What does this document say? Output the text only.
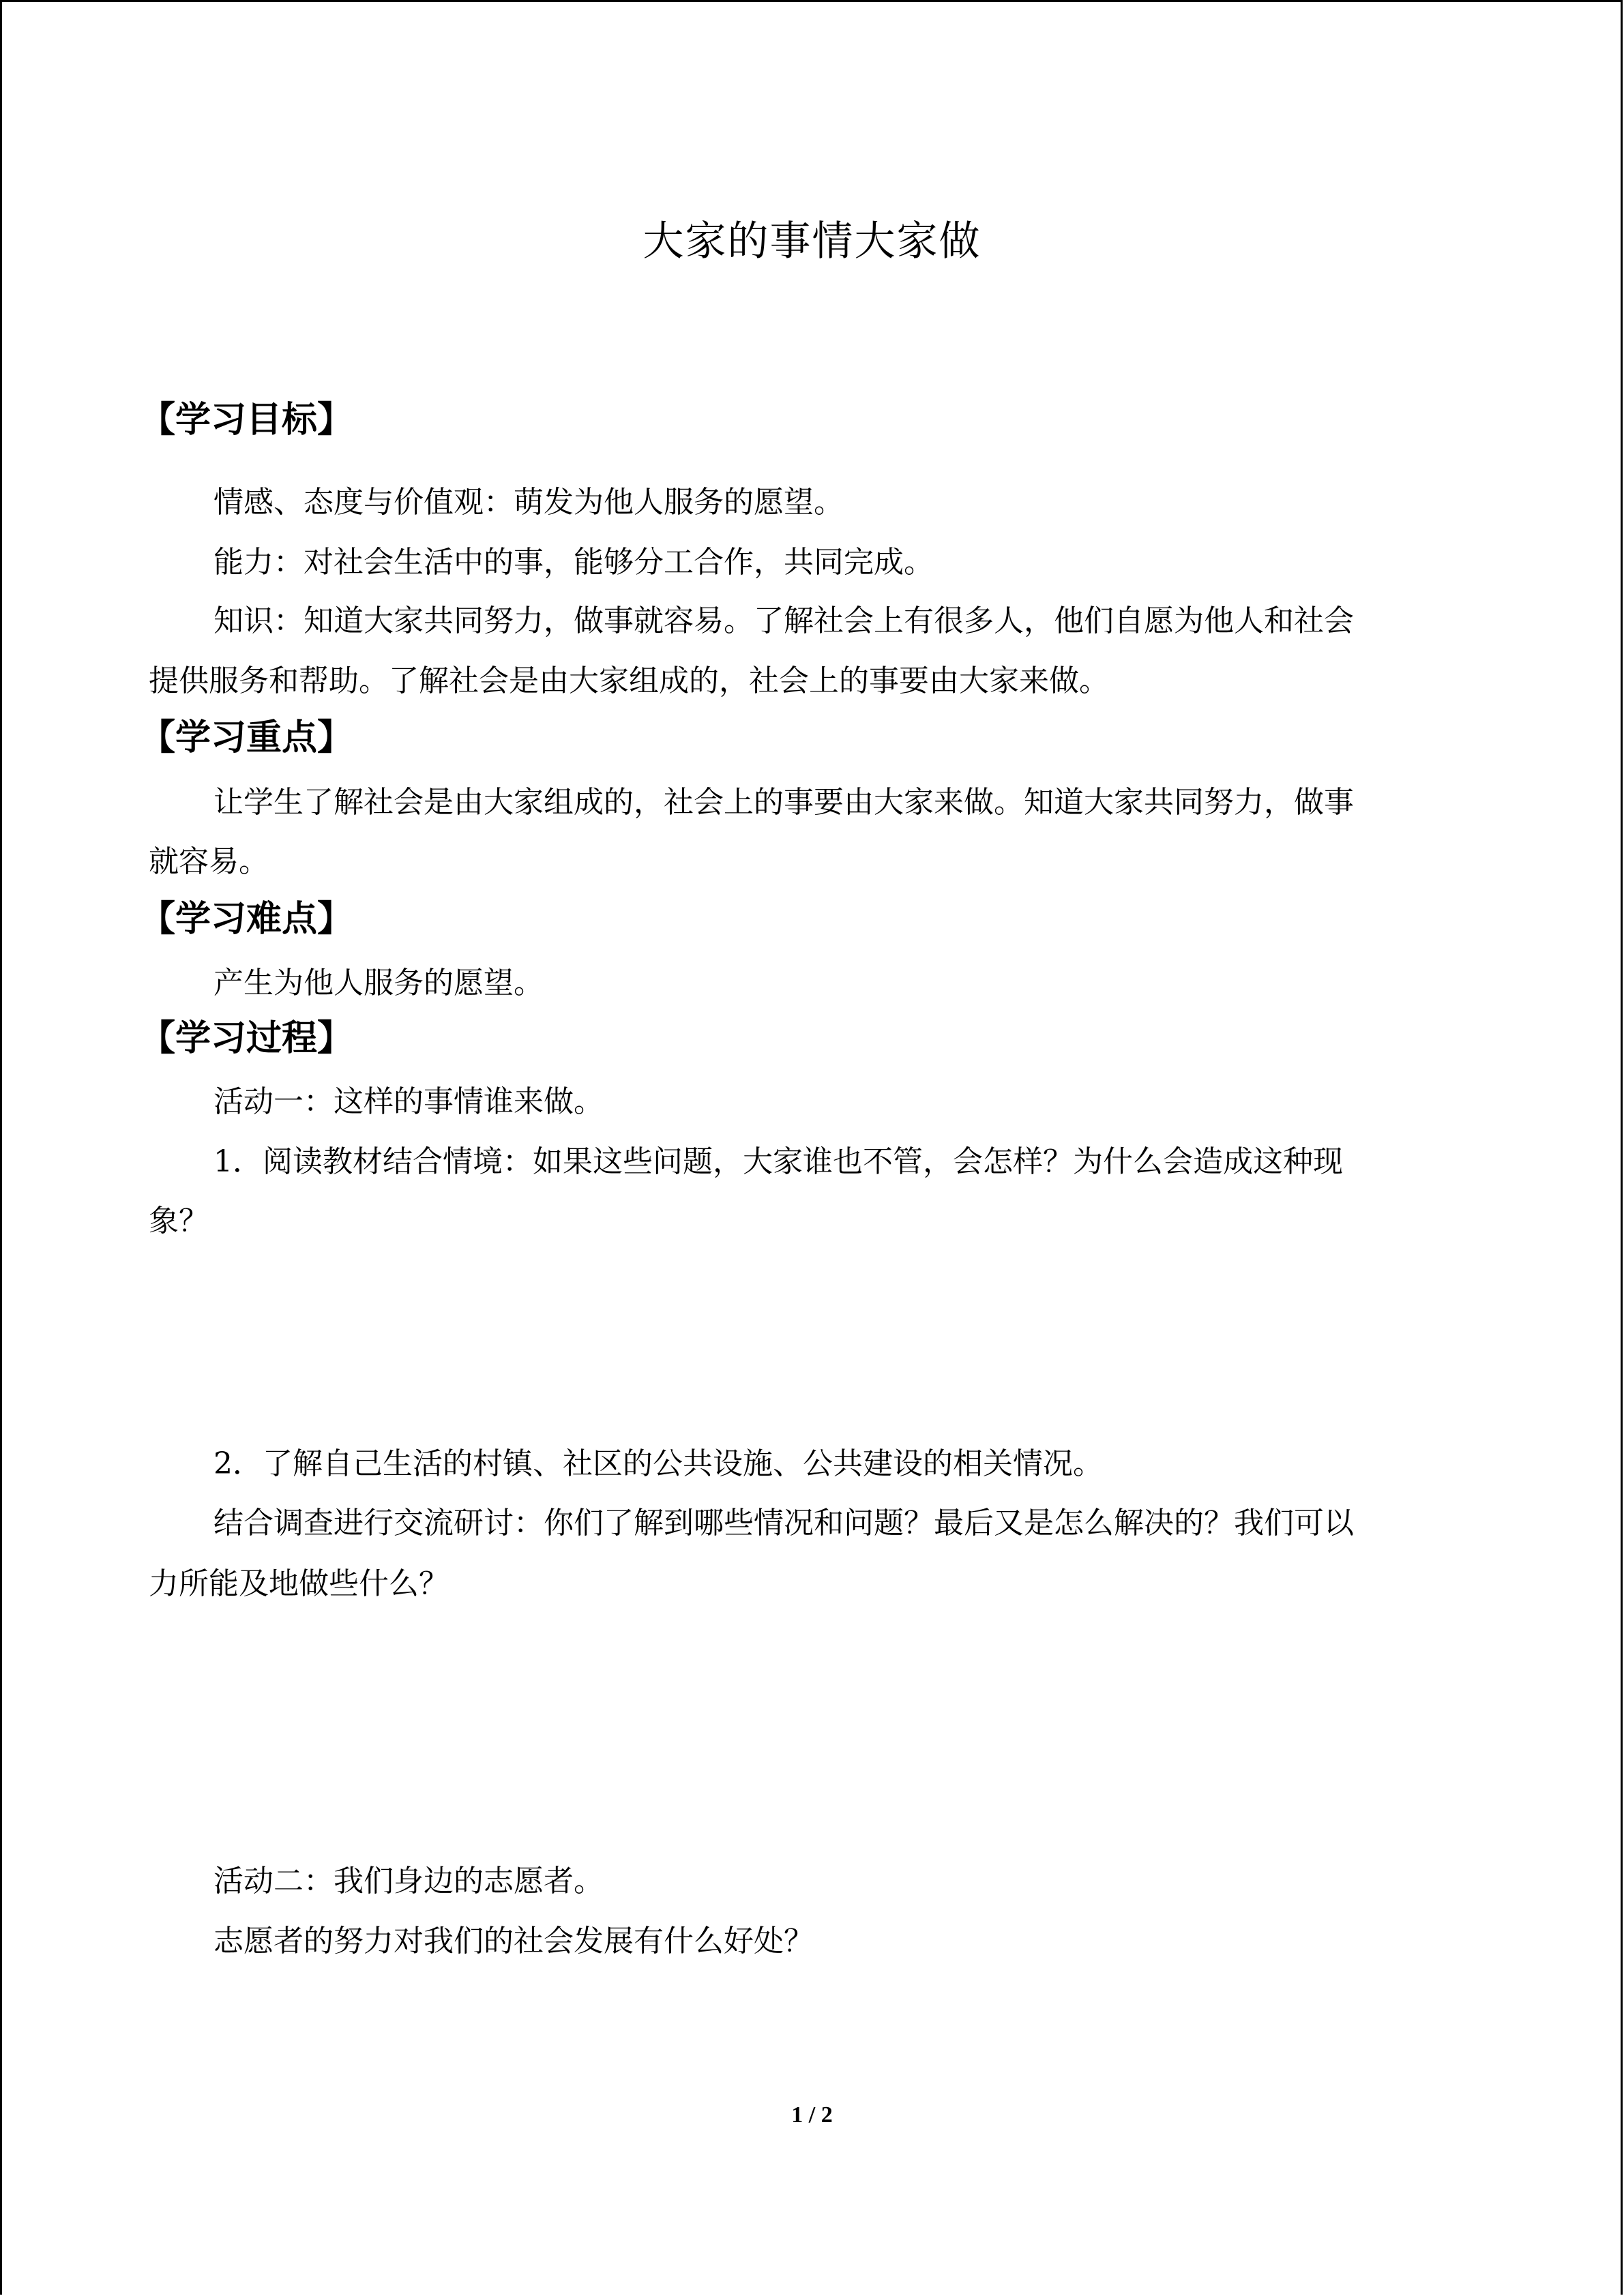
大家的事情大家做
【学习目标】
情感、态度与价值观：萌发为他人服务的愿望。
能力：对社会生活中的事，能够分工合作，共同完成。
知识：知道大家共同努力，做事就容易。了解社会上有很多人，他们自愿为他人和社会
提供服务和帮助。了解社会是由大家组成的，社会上的事要由大家来做。
【学习重点】
让学生了解社会是由大家组成的，社会上的事要由大家来做。知道大家共同努力，做事
就容易。
【学习难点】
产生为他人服务的愿望。
【学习过程】
活动一：这样的事情谁来做。
1．阅读教材结合情境：如果这些问题，大家谁也不管，会怎样？为什么会造成这种现
象？
2．了解自己生活的村镇、社区的公共设施、公共建设的相关情况。
结合调查进行交流研讨：你们了解到哪些情况和问题？最后又是怎么解决的？我们可以
力所能及地做些什么？
活动二：我们身边的志愿者。
志愿者的努力对我们的社会发展有什么好处？
1 / 2
